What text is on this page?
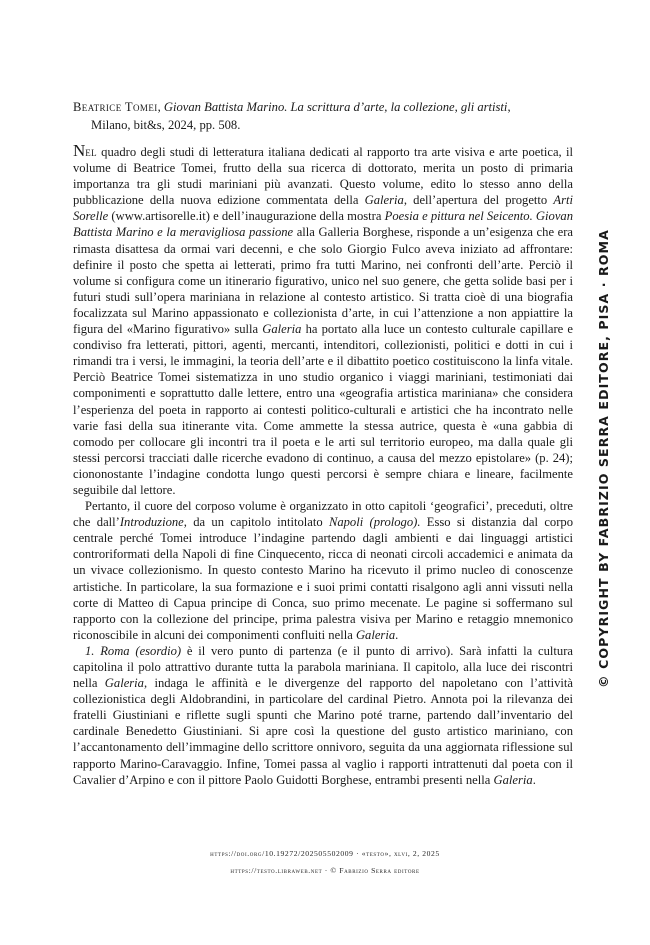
Beatrice Tomei, Giovan Battista Marino. La scrittura d’arte, la collezione, gli artisti,
Milano, bit&s, 2024, pp. 508.

Nel quadro degli studi di letteratura italiana dedicati al rapporto tra arte visiva e arte poetica, il volume di Beatrice Tomei, frutto della sua ricerca di dottorato, merita un posto di primaria importanza tra gli studi mariniani più avanzati. Questo volume, edito lo stesso anno della pubblicazione della nuova edizione commentata della Galeria, dell’apertura del progetto Arti Sorelle (www.artisorelle.it) e dell’inaugurazione della mostra Poesia e pittura nel Seicento. Giovan Battista Marino e la meravigliosa passione alla Galleria Borghese, risponde a un’esigenza che era rimasta disattesa da ormai vari decenni, e che solo Giorgio Fulco aveva iniziato ad affrontare: definire il posto che spetta ai letterati, primo fra tutti Marino, nei confronti dell’arte. Perciò il volume si configura come un itinerario figurativo, unico nel suo genere, che getta solide basi per i futuri studi sull’opera mariniana in relazione al contesto artistico. Si tratta cioè di una biografia focalizzata sul Marino appassionato e collezionista d’arte, in cui l’attenzione a non appiattire la figura del «Marino figurativo» sulla Galeria ha portato alla luce un contesto culturale capillare e condiviso fra letterati, pittori, agenti, mercanti, intenditori, collezionisti, politici e dotti in cui i rimandi tra i versi, le immagini, la teoria dell’arte e il dibattito poetico costituiscono la linfa vitale. Perciò Beatrice Tomei sistematizza in uno studio organico i viaggi mariniani, testimoniati dai componimenti e soprattutto dalle lettere, entro una «geografia artistica mariniana» che considera l’esperienza del poeta in rapporto ai contesti politico-culturali e artistici che ha incontrato nelle varie fasi della sua itinerante vita. Come ammette la stessa autrice, questa è «una gabbia di comodo per collocare gli incontri tra il poeta e le arti sul territorio europeo, ma dalla quale gli stessi percorsi tracciati dalle ricerche evadono di continuo, a causa del mezzo epistolare» (p. 24); ciononostante l’indagine condotta lungo questi percorsi è sempre chiara e lineare, facilmente seguibile dal lettore.

Pertanto, il cuore del corposo volume è organizzato in otto capitoli ‘geografici’, preceduti, oltre che dall’Introduzione, da un capitolo intitolato Napoli (prologo). Esso si distanzia dal corpo centrale perché Tomei introduce l’indagine partendo dagli ambienti e dai linguaggi artistici controriformati della Napoli di fine Cinquecento, ricca di neonati circoli accademici e animata da un vivace collezionismo. In questo contesto Marino ha ricevuto il primo nucleo di conoscenze artistiche. In particolare, la sua formazione e i suoi primi contatti risalgono agli anni vissuti nella corte di Matteo di Capua principe di Conca, suo primo mecenate. Le pagine si soffermano sul rapporto con la collezione del principe, prima palestra visiva per Marino e retaggio mnemonico riconoscibile in alcuni dei componimenti confluiti nella Galeria.

1. Roma (esordio) è il vero punto di partenza (e il punto di arrivo). Sarà infatti la cultura capitolina il polo attrattivo durante tutta la parabola mariniana. Il capitolo, alla luce dei riscontri nella Galeria, indaga le affinità e le divergenze del rapporto del napoletano con l’attività collezionistica degli Aldobrandini, in particolare del cardinal Pietro. Annota poi la rilevanza dei fratelli Giustiniani e riflette sugli spunti che Marino poté trarne, partendo dall’inventario del cardinale Benedetto Giustiniani. Si apre così la questione del gusto artistico mariniano, con l’accantonamento dell’immagine dello scrittore onnivoro, seguita da una aggiornata riflessione sul rapporto Marino-Caravaggio. Infine, Tomei passa al vaglio i rapporti intrattenuti dal poeta con il Cavalier d’Arpino e con il pittore Paolo Guidotti Borghese, entrambi presenti nella Galeria.

https://doi.org/10.19272/202505502009 · «testo», xlvi, 2, 2025
https://testo.libraweb.net · © Fabrizio Serra editore
© COPYRIGHT BY FABRIZIO SERRA EDITORE, PISA · ROMA
